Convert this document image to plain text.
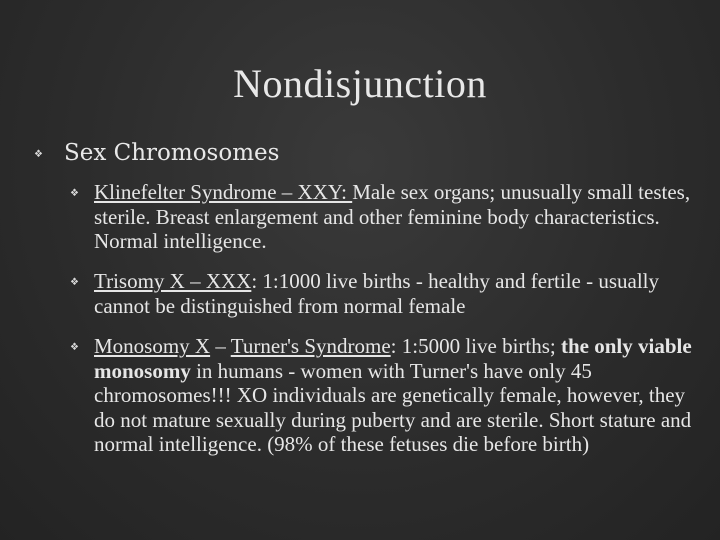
Nondisjunction
❖ Sex Chromosomes
❖ Klinefelter Syndrome – XXY: Male sex organs; unusually small testes, sterile. Breast enlargement and other feminine body characteristics. Normal intelligence.
❖ Trisomy X – XXX: 1:1000 live births - healthy and fertile - usually cannot be distinguished from normal female
❖ Monosomy X – Turner's Syndrome: 1:5000 live births; the only viable monosomy in humans - women with Turner's have only 45 chromosomes!!! XO individuals are genetically female, however, they do not mature sexually during puberty and are sterile. Short stature and normal intelligence. (98% of these fetuses die before birth)
